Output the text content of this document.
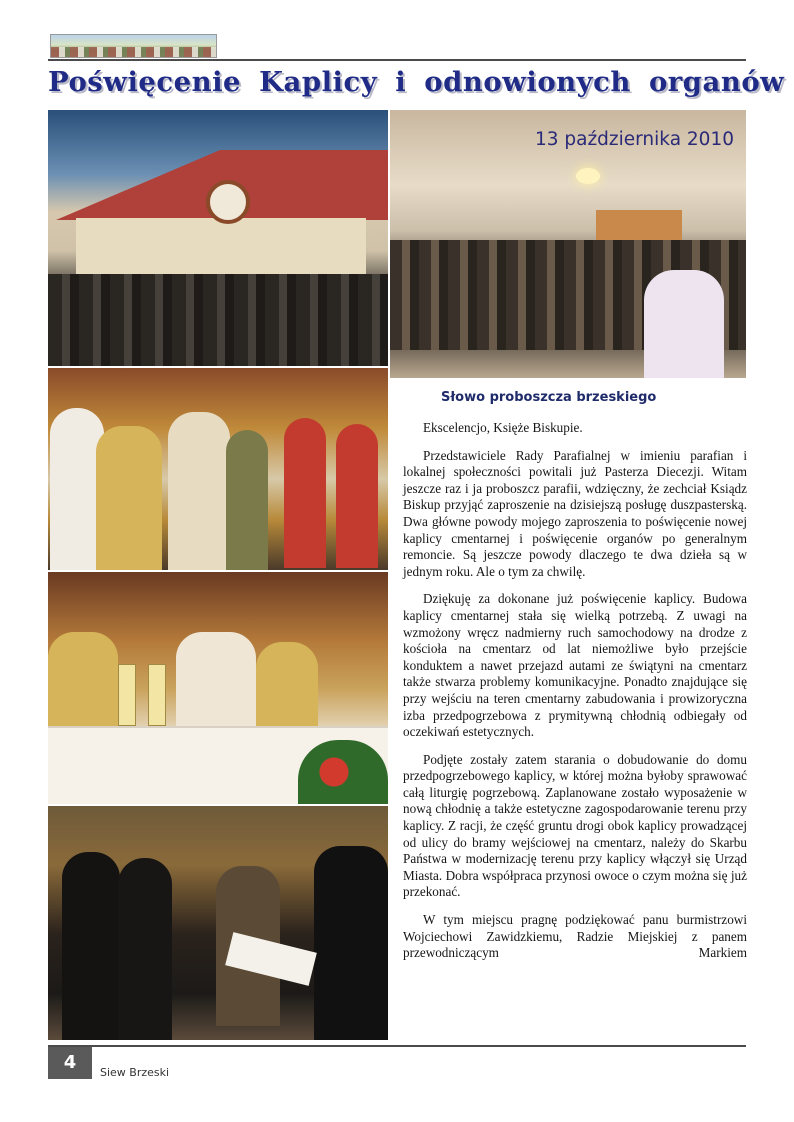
Poświęcenie Kaplicy i odnowionych organów

13 października 2010

Słowo proboszcza brzeskiego

Ekscelencjo, Księże Biskupie.

Przedstawiciele Rady Parafialnej w imieniu parafian i lokalnej społeczności powitali już Pasterza Diecezji. Witam jeszcze raz i ja proboszcz parafii, wdzięczny, że zechciał Ksiądz Biskup przyjąć zaproszenie na dzisiejszą posługę duszpasterską. Dwa główne powody mojego zaproszenia to poświęcenie nowej kaplicy cmentarnej i poświęcenie organów po generalnym remoncie. Są jeszcze powody dlaczego te dwa dzieła są w jednym roku. Ale o tym za chwilę.

Dziękuję za dokonane już poświęcenie kaplicy. Budowa kaplicy cmentarnej stała się wielką potrzebą. Z uwagi na wzmożony wręcz nadmierny ruch samochodowy na drodze z kościoła na cmentarz od lat niemożliwe było przejście konduktem a nawet przejazd autami ze świątyni na cmentarz także stwarza problemy komunikacyjne. Ponadto znajdujące się przy wejściu na teren cmentarny zabudowania i prowizoryczna izba przedpogrzebowa z prymitywną chłodnią odbiegały od oczekiwań estetycznych.

Podjęte zostały zatem starania o dobudowanie do domu przedpogrzebowego kaplicy, w której można byłoby sprawować całą liturgię pogrzebową. Zaplanowane zostało wyposażenie w nową chłodnię a także estetyczne zagospodarowanie terenu przy kaplicy. Z racji, że część gruntu drogi obok kaplicy prowadzącej od ulicy do bramy wejściowej na cmentarz, należy do Skarbu Państwa w modernizację terenu przy kaplicy włączył się Urząd Miasta. Dobra współpraca przynosi owoce o czym można się już przekonać.

W tym miejscu pragnę podziękować panu burmistrzowi Wojciechowi Zawidzkiemu, Radzie Miejskiej z panem przewodniczącym Markiem

4	Siew Brzeski
